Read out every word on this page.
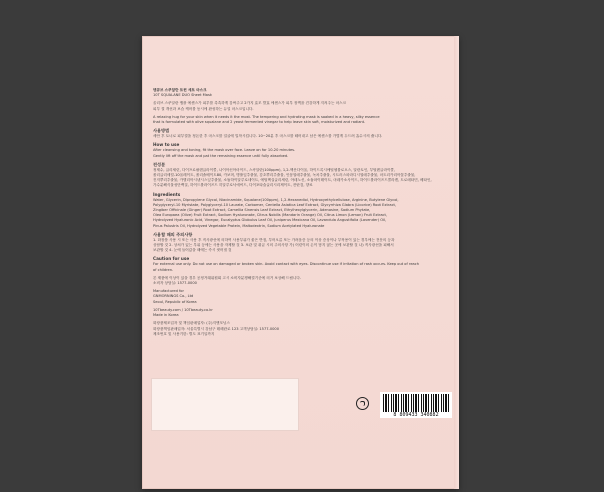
텐큐브 스쿠알란 트윈 세트 마스크
10T SQUALANE DUO Sheet Mask
올리브 스쿠알란 앰플 에센스가 피부를 촉촉하게 감싸주고 2가지 효모 발효 에센스가 피부 장벽을 건강하게 지켜주는 마스크
피부 결 개선과 보습 케어를 동시에 완성하는 듀얼 마스크입니다.
A relaxing hug for your skin when it needs it the most. The tempering and hydrating mask is soaked in a heavy, silky essence
that is formulated with olive squalane and 2 yeast fermented vinegar to help leave skin soft, moisturized and radiant.
사용방법
세안 후 토너로 피부결을 정돈한 후 마스크를 얼굴에 밀착시킵니다. 10~20분 후 마스크를 떼어내고 남은 에센스를 가볍게 두드려 흡수시켜 줍니다.
How to use
After cleansing and toning, fit the mask over face. Leave on for 10-20 minutes.
Gently lift off the mask and pat the remaining essence until fully absorbed.
전성분
정제수, 글리세린, 다이프로필렌글라이콜, 나이아신아마이드, 스쿠알란(100ppm), 1,2-헥산다이올, 하이드록시에틸셀룰로오스, 알란토인, 부틸렌글라이콜,
폴리글리세릴-10올레이트, 폴리솔베이트80, 카보머, 병풀잎추출물, 감초뿌리추출물, 인삼열매추출물, 녹차추출물, 시트러스파라디시열매추출물, 마트리카리아꽃추출물,
진저뿌리추출물, 카멜리아시넨시스잎추출물, 소듐하이알루로네이트, 에틸헥실글리세린, 아데노신, 소듐파이테이트, 마데카소사이드, 하이드롤라이즈드콜라겐, 트로메타민, 베타인,
가수분해식물성단백질, 하이드롤라이즈드 히알루로닉애씨드, 다이포타슘글리시리제이트, 잔탄검, 향료
Ingredients
Water, Glycerin, Dipropylene Glycol, Niacinamide, Squalane(100ppm), 1,2-Hexanediol, Hydroxyethylcellulose, Arginine, Butylene Glycol,
Polyglyceryl-10 Myristate, Polyglyceryl-10 Laurate, Carbomer, Centella Asiatica Leaf Extract, Glycyrrhiza Glabra (Licorice) Root Extract,
Zingiber Officinale (Ginger) Root Extract, Camellia Sinensis Leaf Extract, Ethylhexylglycerin, Adenosine, Sodium Phytate,
Olea Europaea (Olive) Fruit Extract, Sodium Hyaluronate, Citrus Nobilis (Mandarin Orange) Oil, Citrus Limon (Lemon) Fruit Extract,
Hydrolyzed Hyaluronic Acid, Vinegar, Eucalyptus Globulus Leaf Oil, Juniperus Mexicana Oil, Lavandula Angustifolia (Lavender) Oil,
Pinus Palustris Oil, Hydrolyzed Vegetable Protein, Maltodextrin, Sodium Acetylated Hyaluronate
사용할 때의 주의사항
1. 화장품 사용 시 또는 사용 후 직사광선에 의하여 사용부위가 붉은 반점, 부어오름 또는 가려움증 등의 이상 증상이나 부작용이 있는 경우에는 전문의 등과
상담할 것 2. 상처가 있는 부위 등에는 사용을 자제할 것 3. 보관 및 취급 시의 주의사항 가) 어린이의 손이 닿지 않는 곳에 보관할 것 나) 직사광선을 피해서
보관할 것 4. 눈에 들어갔을 때에는 즉시 씻어낼 것
Caution for use
For external use only. Do not use on damaged or broken skin. Avoid contact with eyes. Discontinue use if irritation of rash occurs. Keep out of reach
of children.
본 제품에 이상이 있을 경우 공정거래위원회 고시 소비자분쟁해결기준에 의거 보상해 드립니다.
소비자 상담실: 1577-0000
Manufactured for
GNMORNINGS Co., Ltd
Seoul, Republic of Korea
10Tbeauty.com / 10Tbeauty.co.kr
Made in Korea
화장품제조업자 및 책임판매업자: (주)지앤모닝스
화장품책임판매업자: 서울특별시 강남구 테헤란로 123 고객상담실: 1577-0000
제조번호 및 사용기한: 별도 표기일까지
8 809433 340882
